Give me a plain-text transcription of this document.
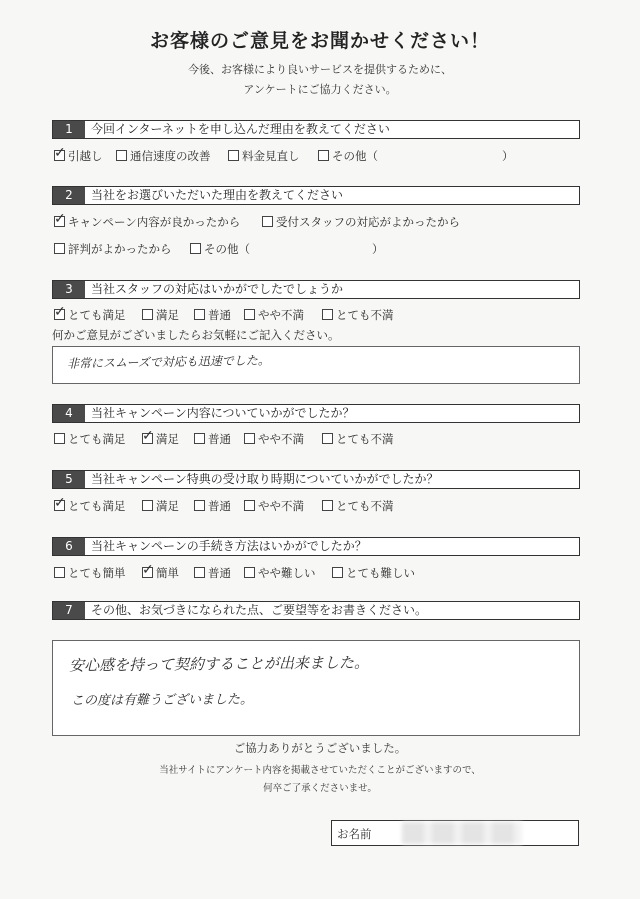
お客様のご意見をお聞かせください！
今後、お客様により良いサービスを提供するために、
アンケートにご協力ください。
1	今回インターネットを申し込んだ理由を教えてください
✓ 引越し	通信速度の改善	料金見直し	その他（	）
2	当社をお選びいただいた理由を教えてください
✓ キャンペーン内容が良かったから	受付スタッフの対応がよかったから
評判がよかったから	その他（	）
3	当社スタッフの対応はいかがでしたでしょうか
✓ とても満足	満足	普通	やや不満	とても不満
何かご意見がございましたらお気軽にご記入ください。
非常にスムーズで対応も迅速でした。
4	当社キャンペーン内容についていかがでしたか？
とても満足 ✓ 満足	普通	やや不満	とても不満
5	当社キャンペーン特典の受け取り時期についていかがでしたか？
✓ とても満足	満足	普通	やや不満	とても不満
6	当社キャンペーンの手続き方法はいかがでしたか？
とても簡単 ✓ 簡単	普通	やや難しい	とても難しい
7	その他、お気づきになられた点、ご要望等をお書きください。
安心感を持って契約することが出来ました。
この度は有難うございました。
ご協力ありがとうございました。
当社サイトにアンケート内容を掲載させていただくことがございますので、
何卒ご了承くださいませ。
お名前
